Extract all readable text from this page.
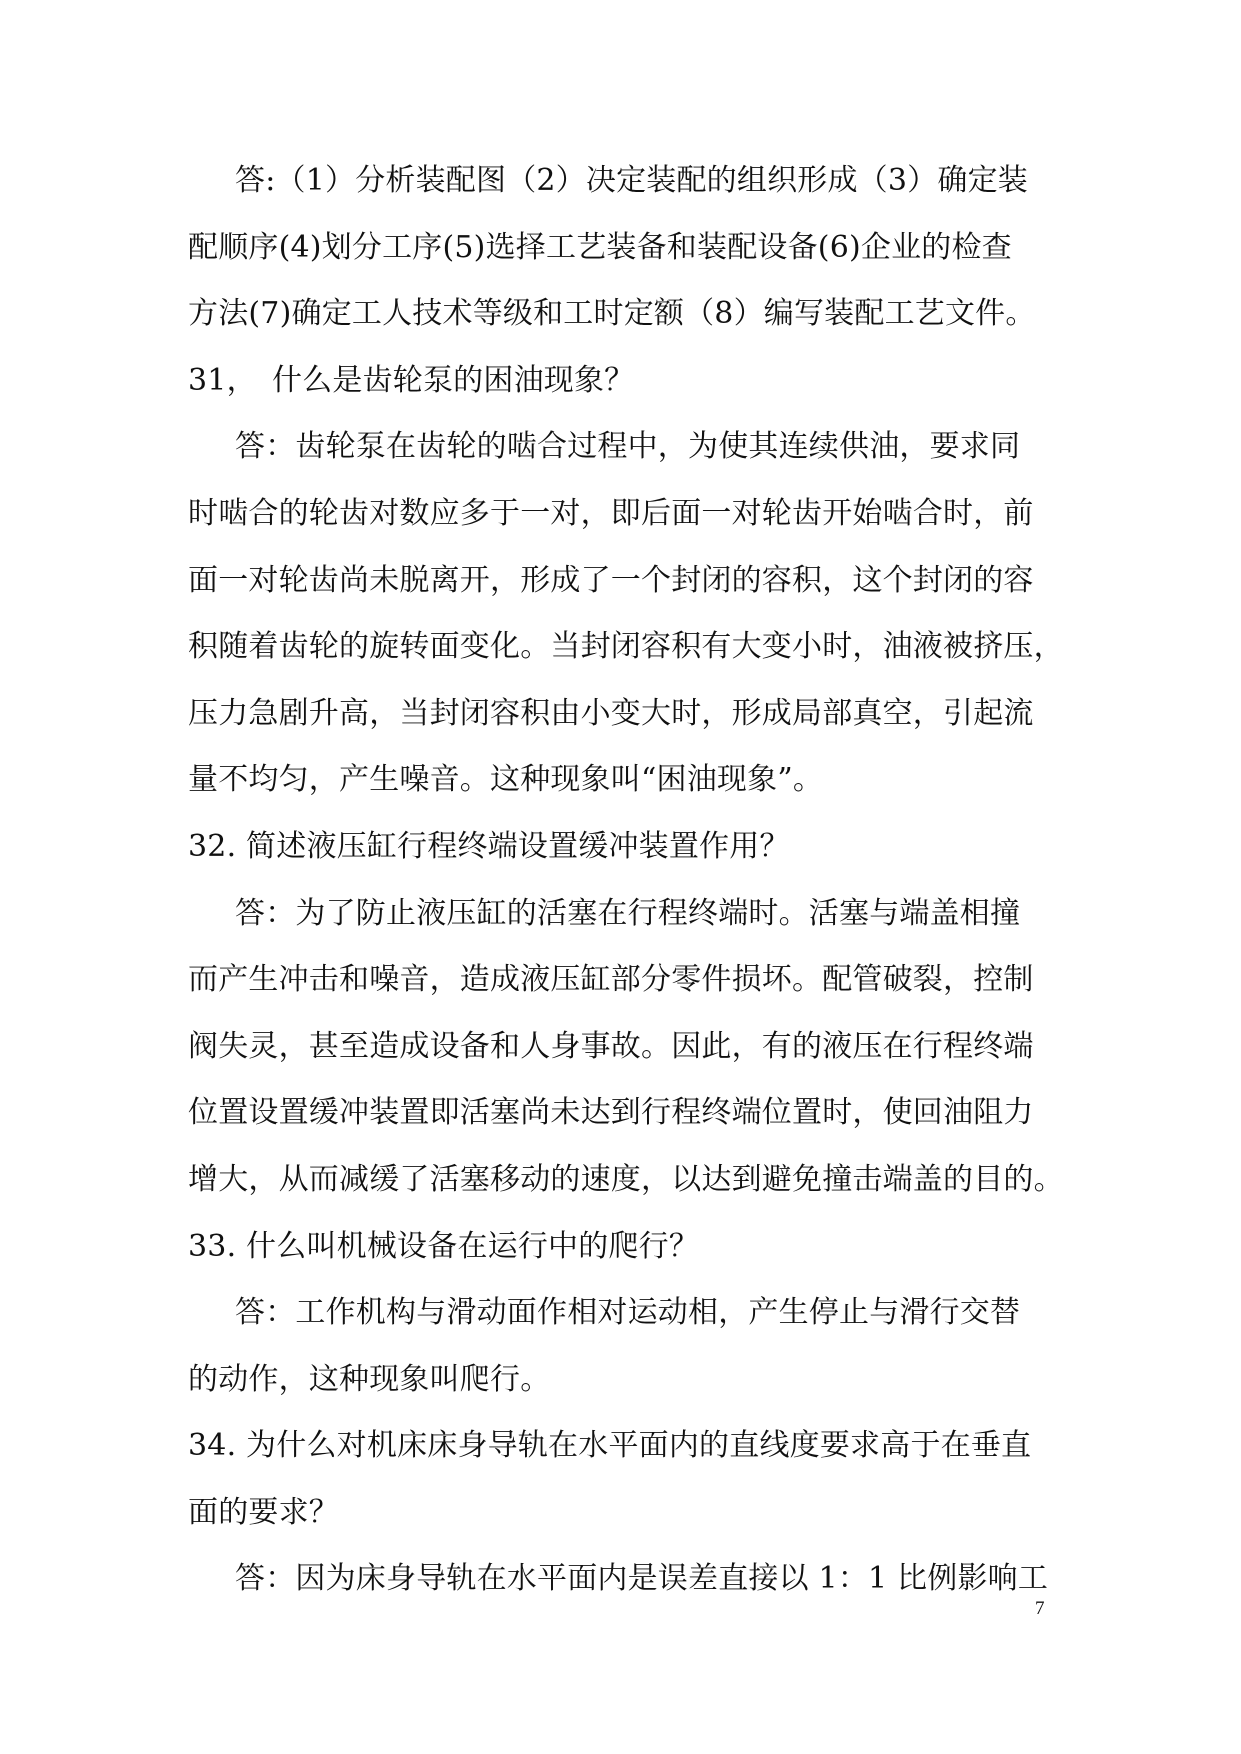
答:（1）分析装配图（2）决定装配的组织形成（3）确定装
配顺序(4)划分工序(5)选择工艺装备和装配设备(6)企业的检查
方法(7)确定工人技术等级和工时定额（8）编写装配工艺文件。
31，　什么是齿轮泵的困油现象？
答：齿轮泵在齿轮的啮合过程中，为使其连续供油，要求同
时啮合的轮齿对数应多于一对，即后面一对轮齿开始啮合时，前
面一对轮齿尚未脱离开，形成了一个封闭的容积，这个封闭的容
积随着齿轮的旋转面变化。当封闭容积有大变小时，油液被挤压，
压力急剧升高，当封闭容积由小变大时，形成局部真空，引起流
量不均匀，产生噪音。这种现象叫“困油现象”。
32. 简述液压缸行程终端设置缓冲装置作用？
答：为了防止液压缸的活塞在行程终端时。活塞与端盖相撞
而产生冲击和噪音，造成液压缸部分零件损坏。配管破裂，控制
阀失灵，甚至造成设备和人身事故。因此，有的液压在行程终端
位置设置缓冲装置即活塞尚未达到行程终端位置时，使回油阻力
增大，从而减缓了活塞移动的速度，以达到避免撞击端盖的目的。
33. 什么叫机械设备在运行中的爬行？
答：工作机构与滑动面作相对运动相，产生停止与滑行交替
的动作，这种现象叫爬行。
34. 为什么对机床床身导轨在水平面内的直线度要求高于在垂直
面的要求？
答：因为床身导轨在水平面内是误差直接以 1：1 比例影响工
7
